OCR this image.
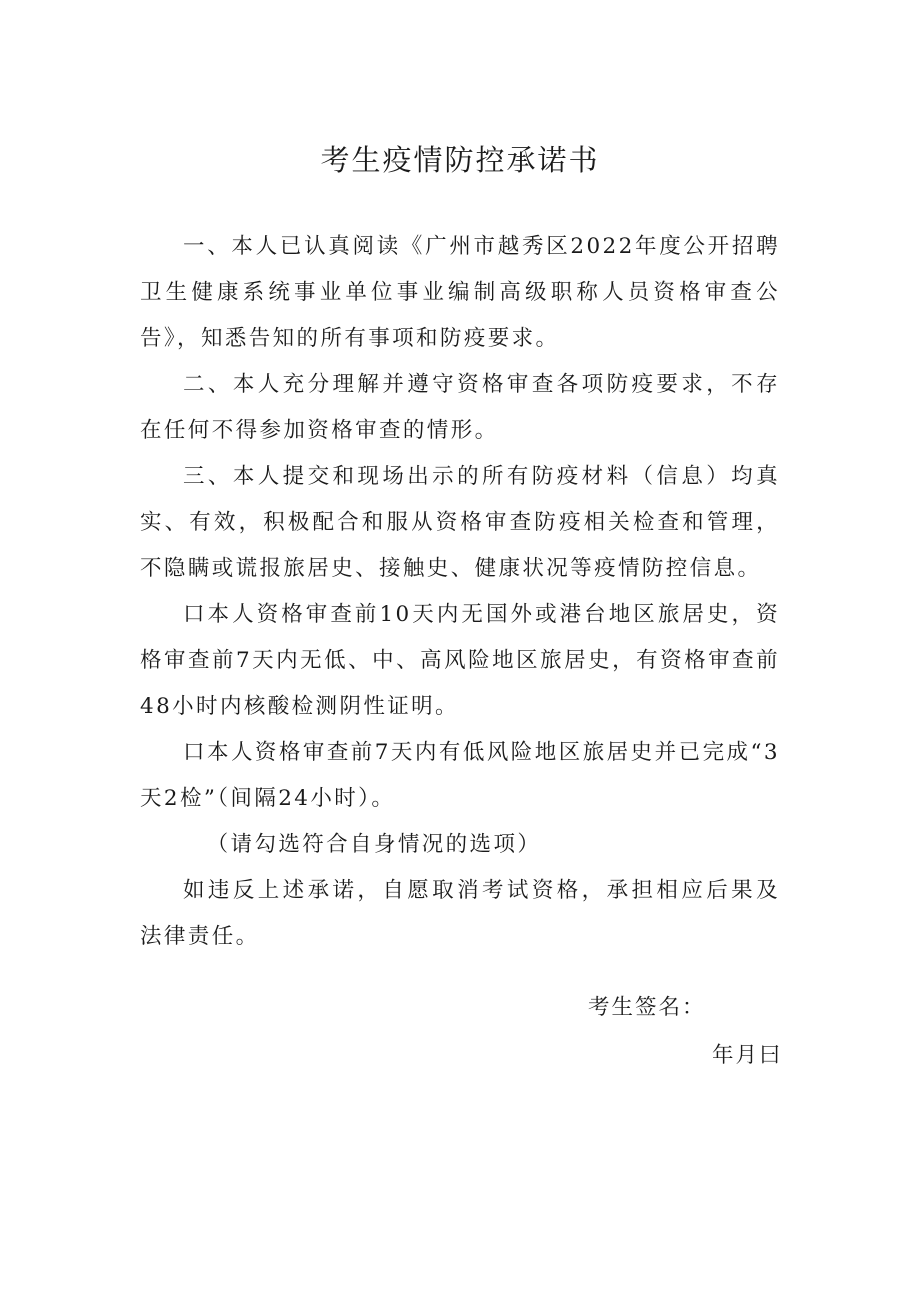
考生疫情防控承诺书

一、本人已认真阅读《广州市越秀区2022年度公开招聘卫生健康系统事业单位事业编制高级职称人员资格审查公告》，知悉告知的所有事项和防疫要求。

二、本人充分理解并遵守资格审查各项防疫要求，不存在任何不得参加资格审查的情形。

三、本人提交和现场出示的所有防疫材料（信息）均真实、有效，积极配合和服从资格审查防疫相关检查和管理，不隐瞒或谎报旅居史、接触史、健康状况等疫情防控信息。

口本人资格审查前10天内无国外或港台地区旅居史，资格审查前7天内无低、中、高风险地区旅居史，有资格审查前48小时内核酸检测阴性证明。

口本人资格审查前7天内有低风险地区旅居史并已完成“3天2检”（间隔24小时）。

（请勾选符合自身情况的选项）

如违反上述承诺，自愿取消考试资格，承担相应后果及法律责任。

考生签名：
年月曰
